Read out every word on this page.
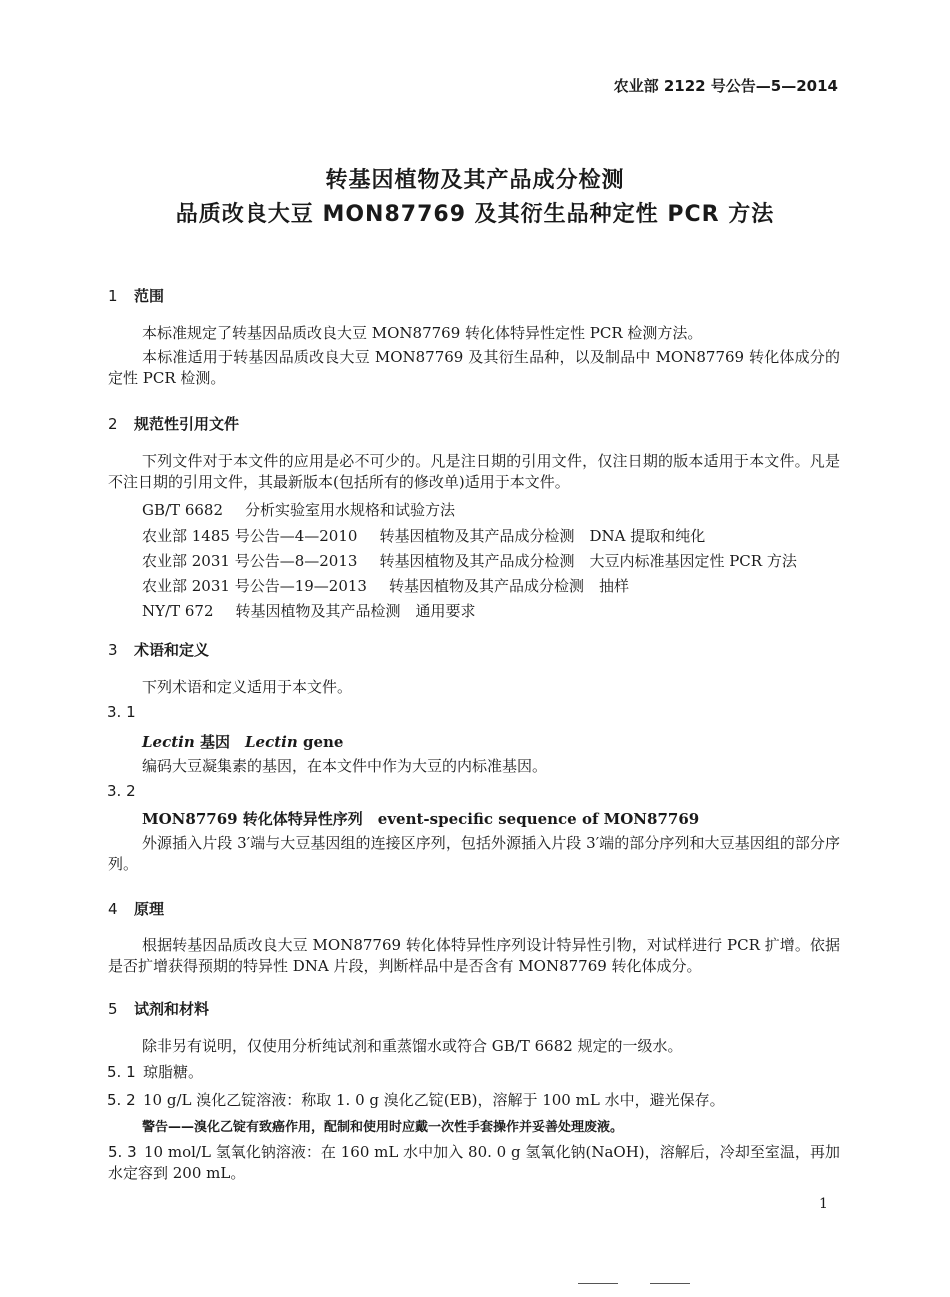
农业部 2122 号公告—5—2014
转基因植物及其产品成分检测
品质改良大豆 MON87769 及其衍生品种定性 PCR 方法
1 范围
本标准规定了转基因品质改良大豆 MON87769 转化体特异性定性 PCR 检测方法。
本标准适用于转基因品质改良大豆 MON87769 及其衍生品种，以及制品中 MON87769 转化体成分的定性 PCR 检测。
2 规范性引用文件
下列文件对于本文件的应用是必不可少的。凡是注日期的引用文件，仅注日期的版本适用于本文件。凡是不注日期的引用文件，其最新版本(包括所有的修改单)适用于本文件。
GB/T 6682 分析实验室用水规格和试验方法
农业部 1485 号公告—4—2010 转基因植物及其产品成分检测　DNA 提取和纯化
农业部 2031 号公告—8—2013 转基因植物及其产品成分检测　大豆内标准基因定性 PCR 方法
农业部 2031 号公告—19—2013 转基因植物及其产品成分检测　抽样
NY/T 672 转基因植物及其产品检测　通用要求
3 术语和定义
下列术语和定义适用于本文件。
3. 1
Lectin 基因　Lectin gene
编码大豆凝集素的基因，在本文件中作为大豆的内标准基因。
3. 2
MON87769 转化体特异性序列　event-specific sequence of MON87769
外源插入片段 3′端与大豆基因组的连接区序列，包括外源插入片段 3′端的部分序列和大豆基因组的部分序列。
4 原理
根据转基因品质改良大豆 MON87769 转化体特异性序列设计特异性引物，对试样进行 PCR 扩增。依据是否扩增获得预期的特异性 DNA 片段，判断样品中是否含有 MON87769 转化体成分。
5 试剂和材料
除非另有说明，仅使用分析纯试剂和重蒸馏水或符合 GB/T 6682 规定的一级水。
5. 1 琼脂糖。
5. 2 10 g/L 溴化乙锭溶液：称取 1. 0 g 溴化乙锭(EB)，溶解于 100 mL 水中，避光保存。
警告——溴化乙锭有致癌作用，配制和使用时应戴一次性手套操作并妥善处理废液。
5. 3 10 mol/L 氢氧化钠溶液：在 160 mL 水中加入 80. 0 g 氢氧化钠(NaOH)，溶解后，冷却至室温，再加水定容到 200 mL。
1
